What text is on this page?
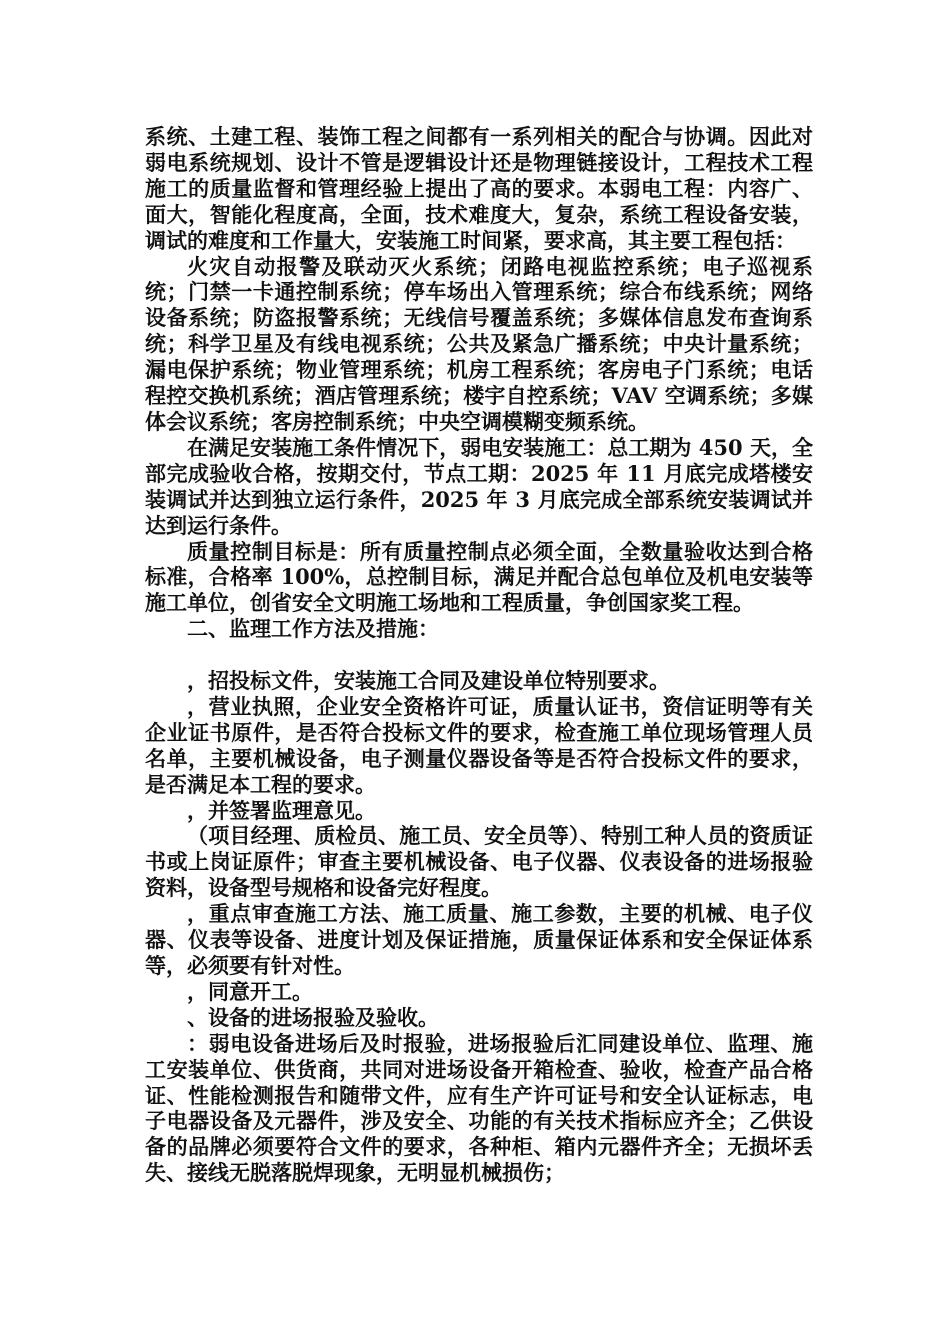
系统、土建工程、装饰工程之间都有一系列相关的配合与协调。因此对弱电系统规划、设计不管是逻辑设计还是物理链接设计，工程技术工程施工的质量监督和管理经验上提出了高的要求。本弱电工程：内容广、面大，智能化程度高，全面，技术难度大，复杂，系统工程设备安装，调试的难度和工作量大，安装施工时间紧，要求高，其主要工程包括：

火灾自动报警及联动灭火系统；闭路电视监控系统；电子巡视系统；门禁一卡通控制系统；停车场出入管理系统；综合布线系统；网络设备系统；防盗报警系统；无线信号覆盖系统；多媒体信息发布查询系统；科学卫星及有线电视系统；公共及紧急广播系统；中央计量系统；漏电保护系统；物业管理系统；机房工程系统；客房电子门系统；电话程控交换机系统；酒店管理系统；楼宇自控系统；VAV 空调系统；多媒体会议系统；客房控制系统；中央空调模糊变频系统。

在满足安装施工条件情况下，弱电安装施工：总工期为 450 天，全部完成验收合格，按期交付，节点工期：2025 年 11 月底完成塔楼安装调试并达到独立运行条件，2025 年 3 月底完成全部系统安装调试并达到运行条件。

质量控制目标是：所有质量控制点必须全面，全数量验收达到合格标准，合格率 100%，总控制目标，满足并配合总包单位及机电安装等施工单位，创省安全文明施工场地和工程质量，争创国家奖工程。

二、监理工作方法及措施：

，招投标文件，安装施工合同及建设单位特别要求。

，营业执照，企业安全资格许可证，质量认证书，资信证明等有关企业证书原件，是否符合投标文件的要求，检查施工单位现场管理人员名单，主要机械设备，电子测量仪器设备等是否符合投标文件的要求，是否满足本工程的要求。

，并签署监理意见。

（项目经理、质检员、施工员、安全员等）、特别工种人员的资质证书或上岗证原件；审查主要机械设备、电子仪器、仪表设备的进场报验资料，设备型号规格和设备完好程度。

，重点审查施工方法、施工质量、施工参数，主要的机械、电子仪器、仪表等设备、进度计划及保证措施，质量保证体系和安全保证体系等，必须要有针对性。

，同意开工。

、设备的进场报验及验收。

：弱电设备进场后及时报验，进场报验后汇同建设单位、监理、施工安装单位、供货商，共同对进场设备开箱检查、验收，检查产品合格证、性能检测报告和随带文件，应有生产许可证号和安全认证标志，电子电器设备及元器件，涉及安全、功能的有关技术指标应齐全；乙供设备的品牌必须要符合文件的要求，各种柜、箱内元器件齐全；无损坏丢失、接线无脱落脱焊现象，无明显机械损伤；
